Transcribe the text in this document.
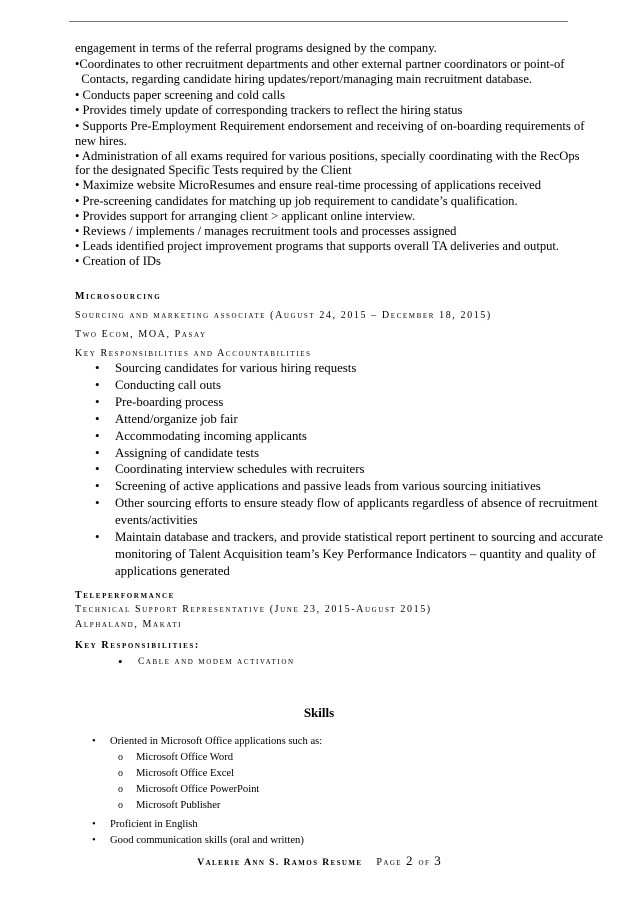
engagement in terms of the referral programs designed by the company.
•Coordinates to other recruitment departments and other external partner coordinators or point-of
Contacts, regarding candidate hiring updates/report/managing main recruitment database.
• Conducts paper screening and cold calls
• Provides timely update of corresponding trackers to reflect the hiring status
• Supports Pre-Employment Requirement endorsement and receiving of on-boarding requirements of
new hires.
• Administration of all exams required for various positions, specially coordinating with the RecOps
for the designated Specific Tests required by the Client
• Maximize website MicroResumes and ensure real-time processing of applications received
• Pre-screening candidates for matching up job requirement to candidate’s qualification.
• Provides support for arranging client > applicant online interview.
• Reviews / implements / manages recruitment tools and processes assigned
• Leads identified project improvement programs that supports overall TA deliveries and output.
• Creation of IDs
Microsourcing
Sourcing and marketing associate (August 24, 2015 – December 18, 2015)
Two Ecom, MOA, Pasay
Key Responsibilities and Accountabilities
• Sourcing candidates for various hiring requests
• Conducting call outs
• Pre-boarding process
• Attend/organize job fair
• Accommodating incoming applicants
• Assigning of candidate tests
• Coordinating interview schedules with recruiters
• Screening of active applications and passive leads from various sourcing initiatives
• Other sourcing efforts to ensure steady flow of applicants regardless of absence of recruitment events/activities
• Maintain database and trackers, and provide statistical report pertinent to sourcing and accurate monitoring of Talent Acquisition team’s Key Performance Indicators – quantity and quality of applications generated
Teleperformance
Technical Support Representative (June 23, 2015-August 2015)
Alphaland, Makati
Key Responsibilities:
• Cable and modem activation
Skills
• Oriented in Microsoft Office applications such as:
o Microsoft Office Word
o Microsoft Office Excel
o Microsoft Office PowerPoint
o Microsoft Publisher
• Proficient in English
• Good communication skills (oral and written)
Valerie Ann S. Ramos Resume Page 2 of 3
